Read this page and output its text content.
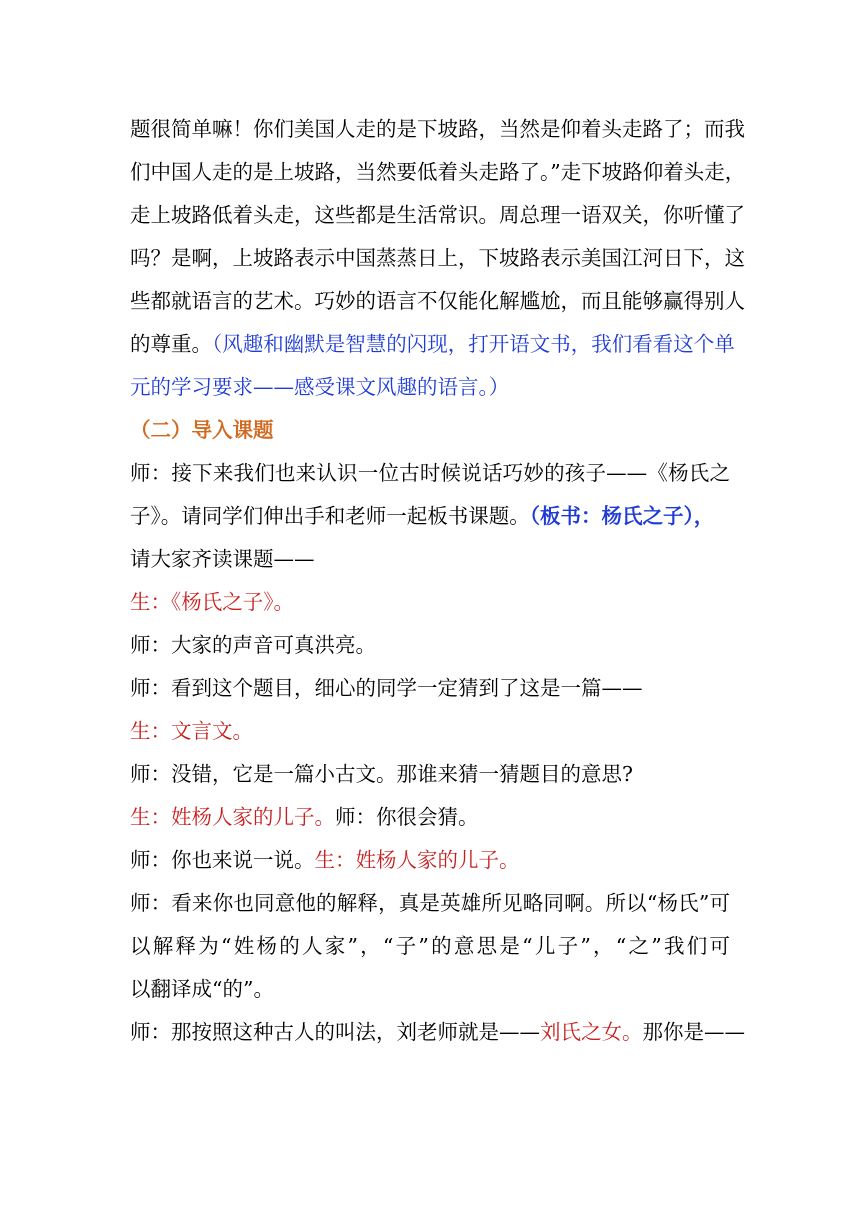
题很简单嘛！你们美国人走的是下坡路，当然是仰着头走路了；而我
们中国人走的是上坡路，当然要低着头走路了。”走下坡路仰着头走，
走上坡路低着头走，这些都是生活常识。周总理一语双关，你听懂了
吗？是啊，上坡路表示中国蒸蒸日上，下坡路表示美国江河日下，这
些都就语言的艺术。巧妙的语言不仅能化解尴尬，而且能够赢得别人
的尊重。（风趣和幽默是智慧的闪现，打开语文书，我们看看这个单
元的学习要求——感受课文风趣的语言。）
（二）导入课题
师：接下来我们也来认识一位古时候说话巧妙的孩子——《杨氏之
子》。请同学们伸出手和老师一起板书课题。（板书：杨氏之子），
请大家齐读课题——
生：《杨氏之子》。
师：大家的声音可真洪亮。
师：看到这个题目，细心的同学一定猜到了这是一篇——
生：文言文。
师：没错，它是一篇小古文。那谁来猜一猜题目的意思?
生：姓杨人家的儿子。师：你很会猜。
师：你也来说一说。生：姓杨人家的儿子。
师：看来你也同意他的解释，真是英雄所见略同啊。所以“杨氏”可
以解释为“姓杨的人家”，“子”的意思是“儿子”，“之”我们可
以翻译成“的”。
师：那按照这种古人的叫法，刘老师就是——刘氏之女。那你是——
